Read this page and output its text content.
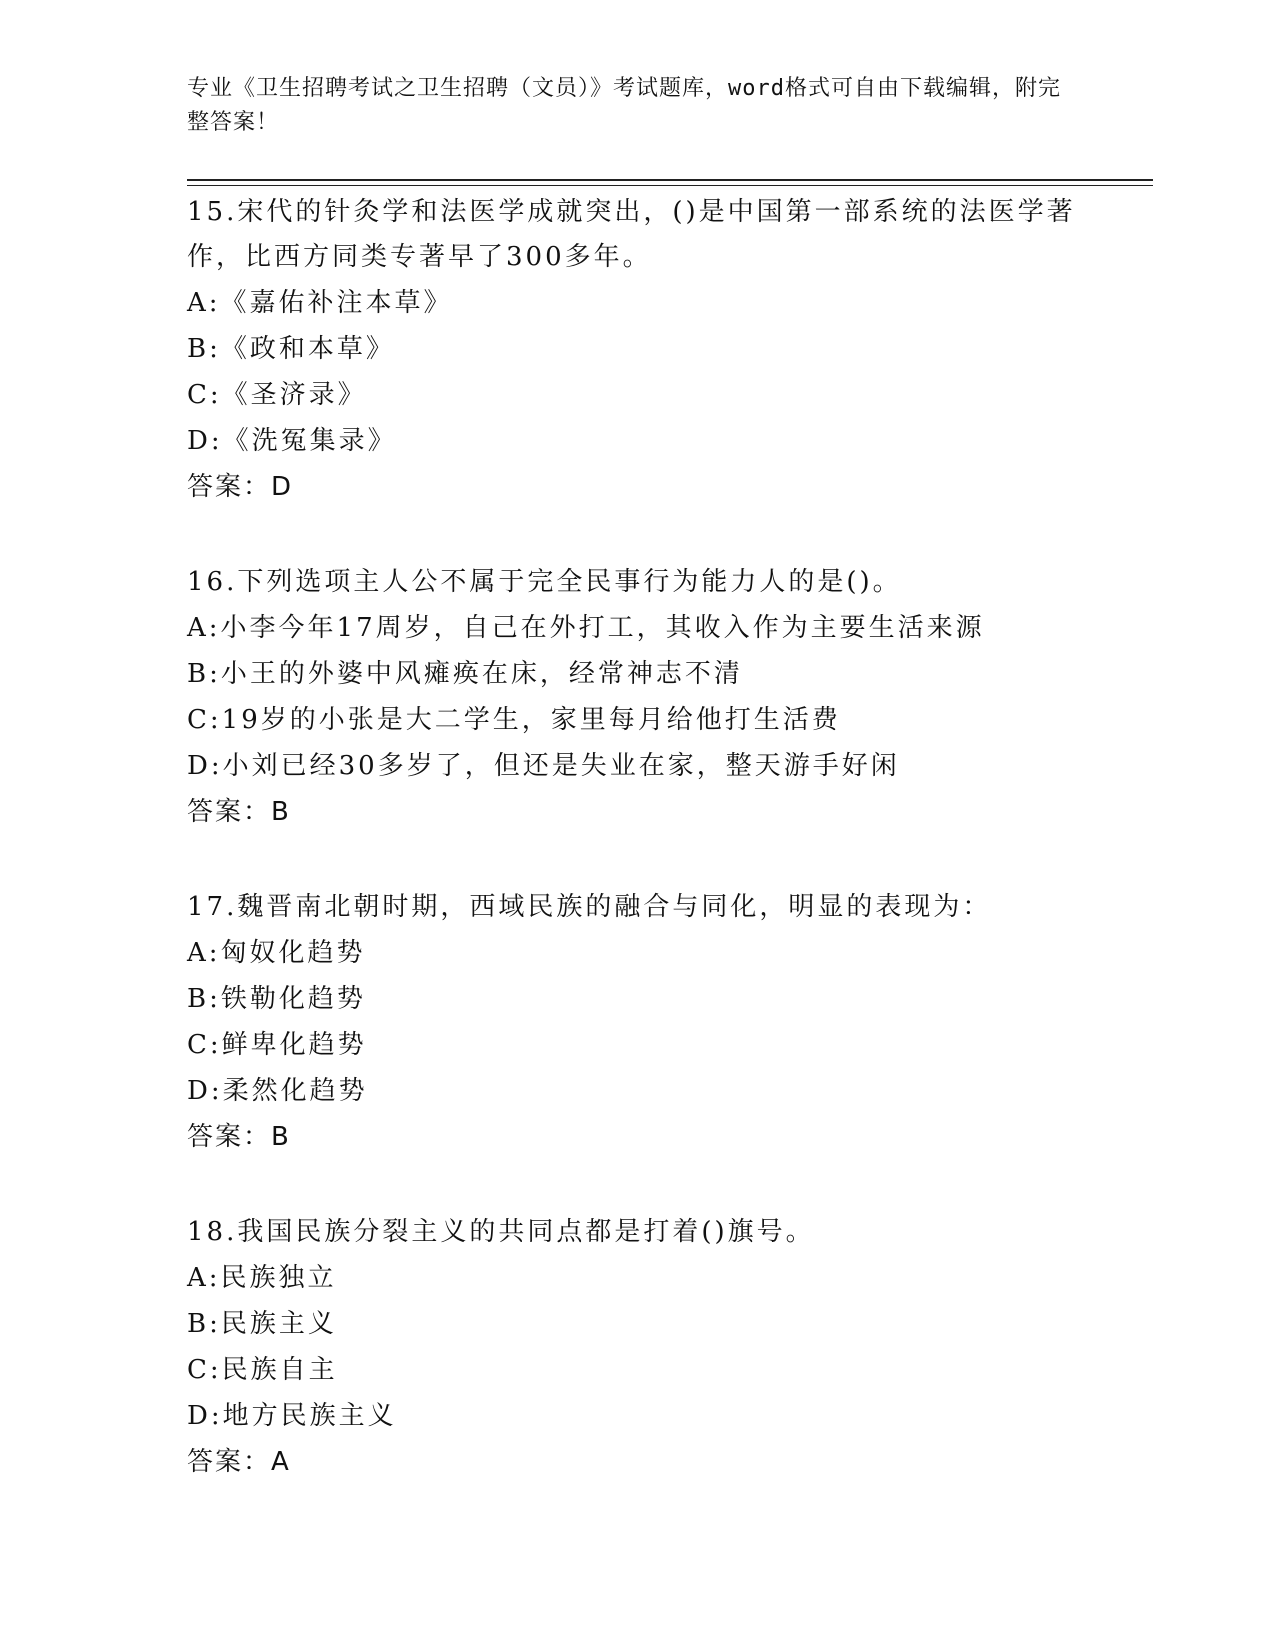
专业《卫生招聘考试之卫生招聘（文员）》考试题库，word格式可自由下载编辑，附完整答案！
15.宋代的针灸学和法医学成就突出，()是中国第一部系统的法医学著作，比西方同类专著早了300多年。
A:《嘉佑补注本草》
B:《政和本草》
C:《圣济录》
D:《洗冤集录》
答案：D
16.下列选项主人公不属于完全民事行为能力人的是()。
A:小李今年17周岁，自己在外打工，其收入作为主要生活来源
B:小王的外婆中风瘫痪在床，经常神志不清
C:19岁的小张是大二学生，家里每月给他打生活费
D:小刘已经30多岁了，但还是失业在家，整天游手好闲
答案：B
17.魏晋南北朝时期，西域民族的融合与同化，明显的表现为：
A:匈奴化趋势
B:铁勒化趋势
C:鲜卑化趋势
D:柔然化趋势
答案：B
18.我国民族分裂主义的共同点都是打着()旗号。
A:民族独立
B:民族主义
C:民族自主
D:地方民族主义
答案：A
